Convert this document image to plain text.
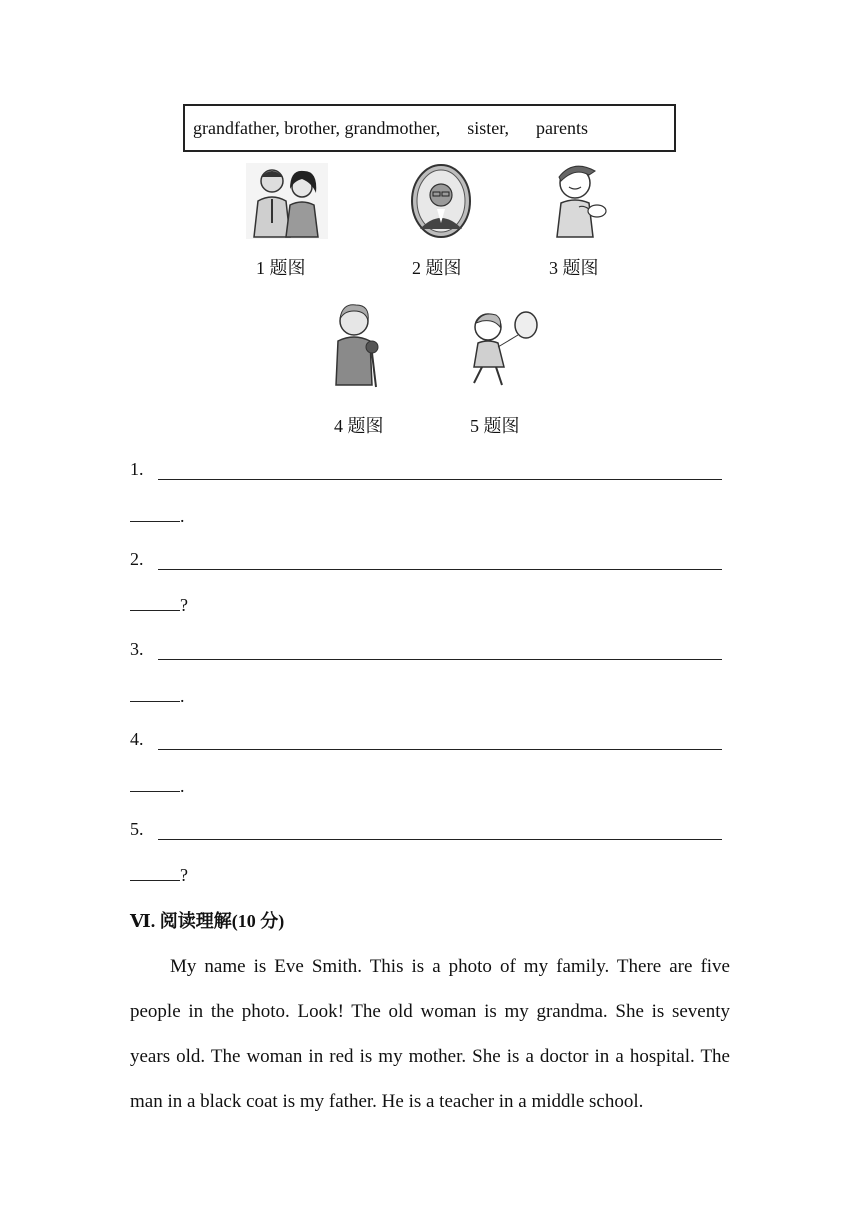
grandfather, brother, grandmother,      sister,      parents
1 题图	2 题图	3 题图
4 题图	5 题图
1.
.
2.
?
3.
.
4.
.
5.
?
Ⅵ. 阅读理解(10 分)
My name is Eve Smith. This is a photo of my family. There are five people in the photo. Look! The old woman is my grandma. She is seventy years old. The woman in red is my mother. She is a doctor in a hospital. The man in a black coat is my father. He is a teacher in a middle school.
